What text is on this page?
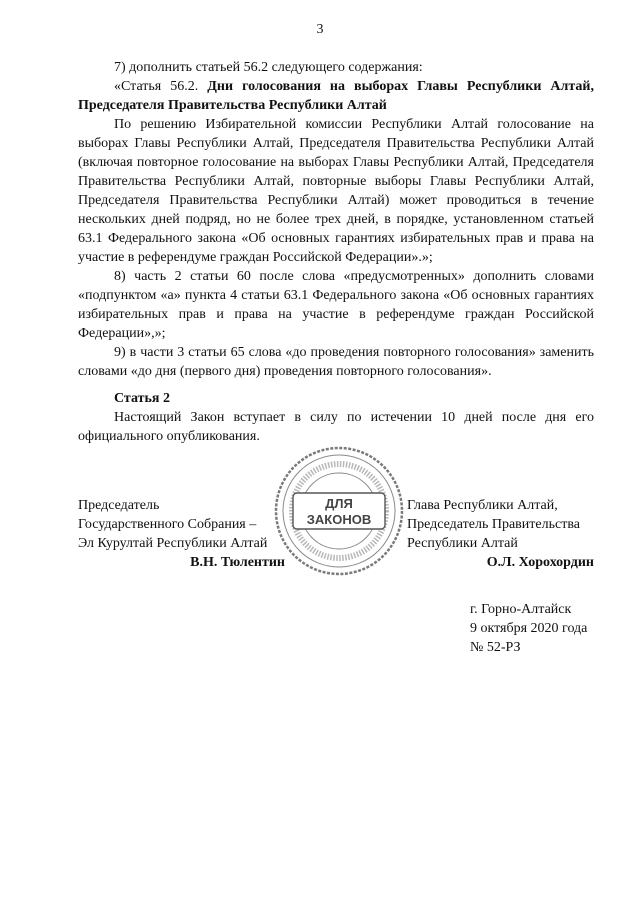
3

7) дополнить статьей 56.2 следующего содержания:

«Статья 56.2. Дни голосования на выборах Главы Республики Алтай, Председателя Правительства Республики Алтай

По решению Избирательной комиссии Республики Алтай голосование на выборах Главы Республики Алтай, Председателя Правительства Республики Алтай (включая повторное голосование на выборах Главы Республики Алтай, Председателя Правительства Республики Алтай, повторные выборы Главы Республики Алтай, Председателя Правительства Республики Алтай) может проводиться в течение нескольких дней подряд, но не более трех дней, в порядке, установленном статьей 63.1 Федерального закона «Об основных гарантиях избирательных прав и права на участие в референдуме граждан Российской Федерации».»;

8) часть 2 статьи 60 после слова «предусмотренных» дополнить словами «подпунктом «а» пункта 4 статьи 63.1 Федерального закона «Об основных гарантиях избирательных прав и права на участие в референдуме граждан Российской Федерации»,»;

9) в части 3 статьи 65 слова «до проведения повторного голосования» заменить словами «до дня (первого дня) проведения повторного голосования».

Статья 2

Настоящий Закон вступает в силу по истечении 10 дней после дня его официального опубликования.

ДЛЯ
ЗАКОНОВ
Председатель
Государственного Собрания –
Эл Курултай Республики Алтай
В.Н. Тюлентин
Глава Республики Алтай,
Председатель Правительства
Республики Алтай
О.Л. Хорохордин
г. Горно-Алтайск
9 октября 2020 года
№ 52-РЗ
